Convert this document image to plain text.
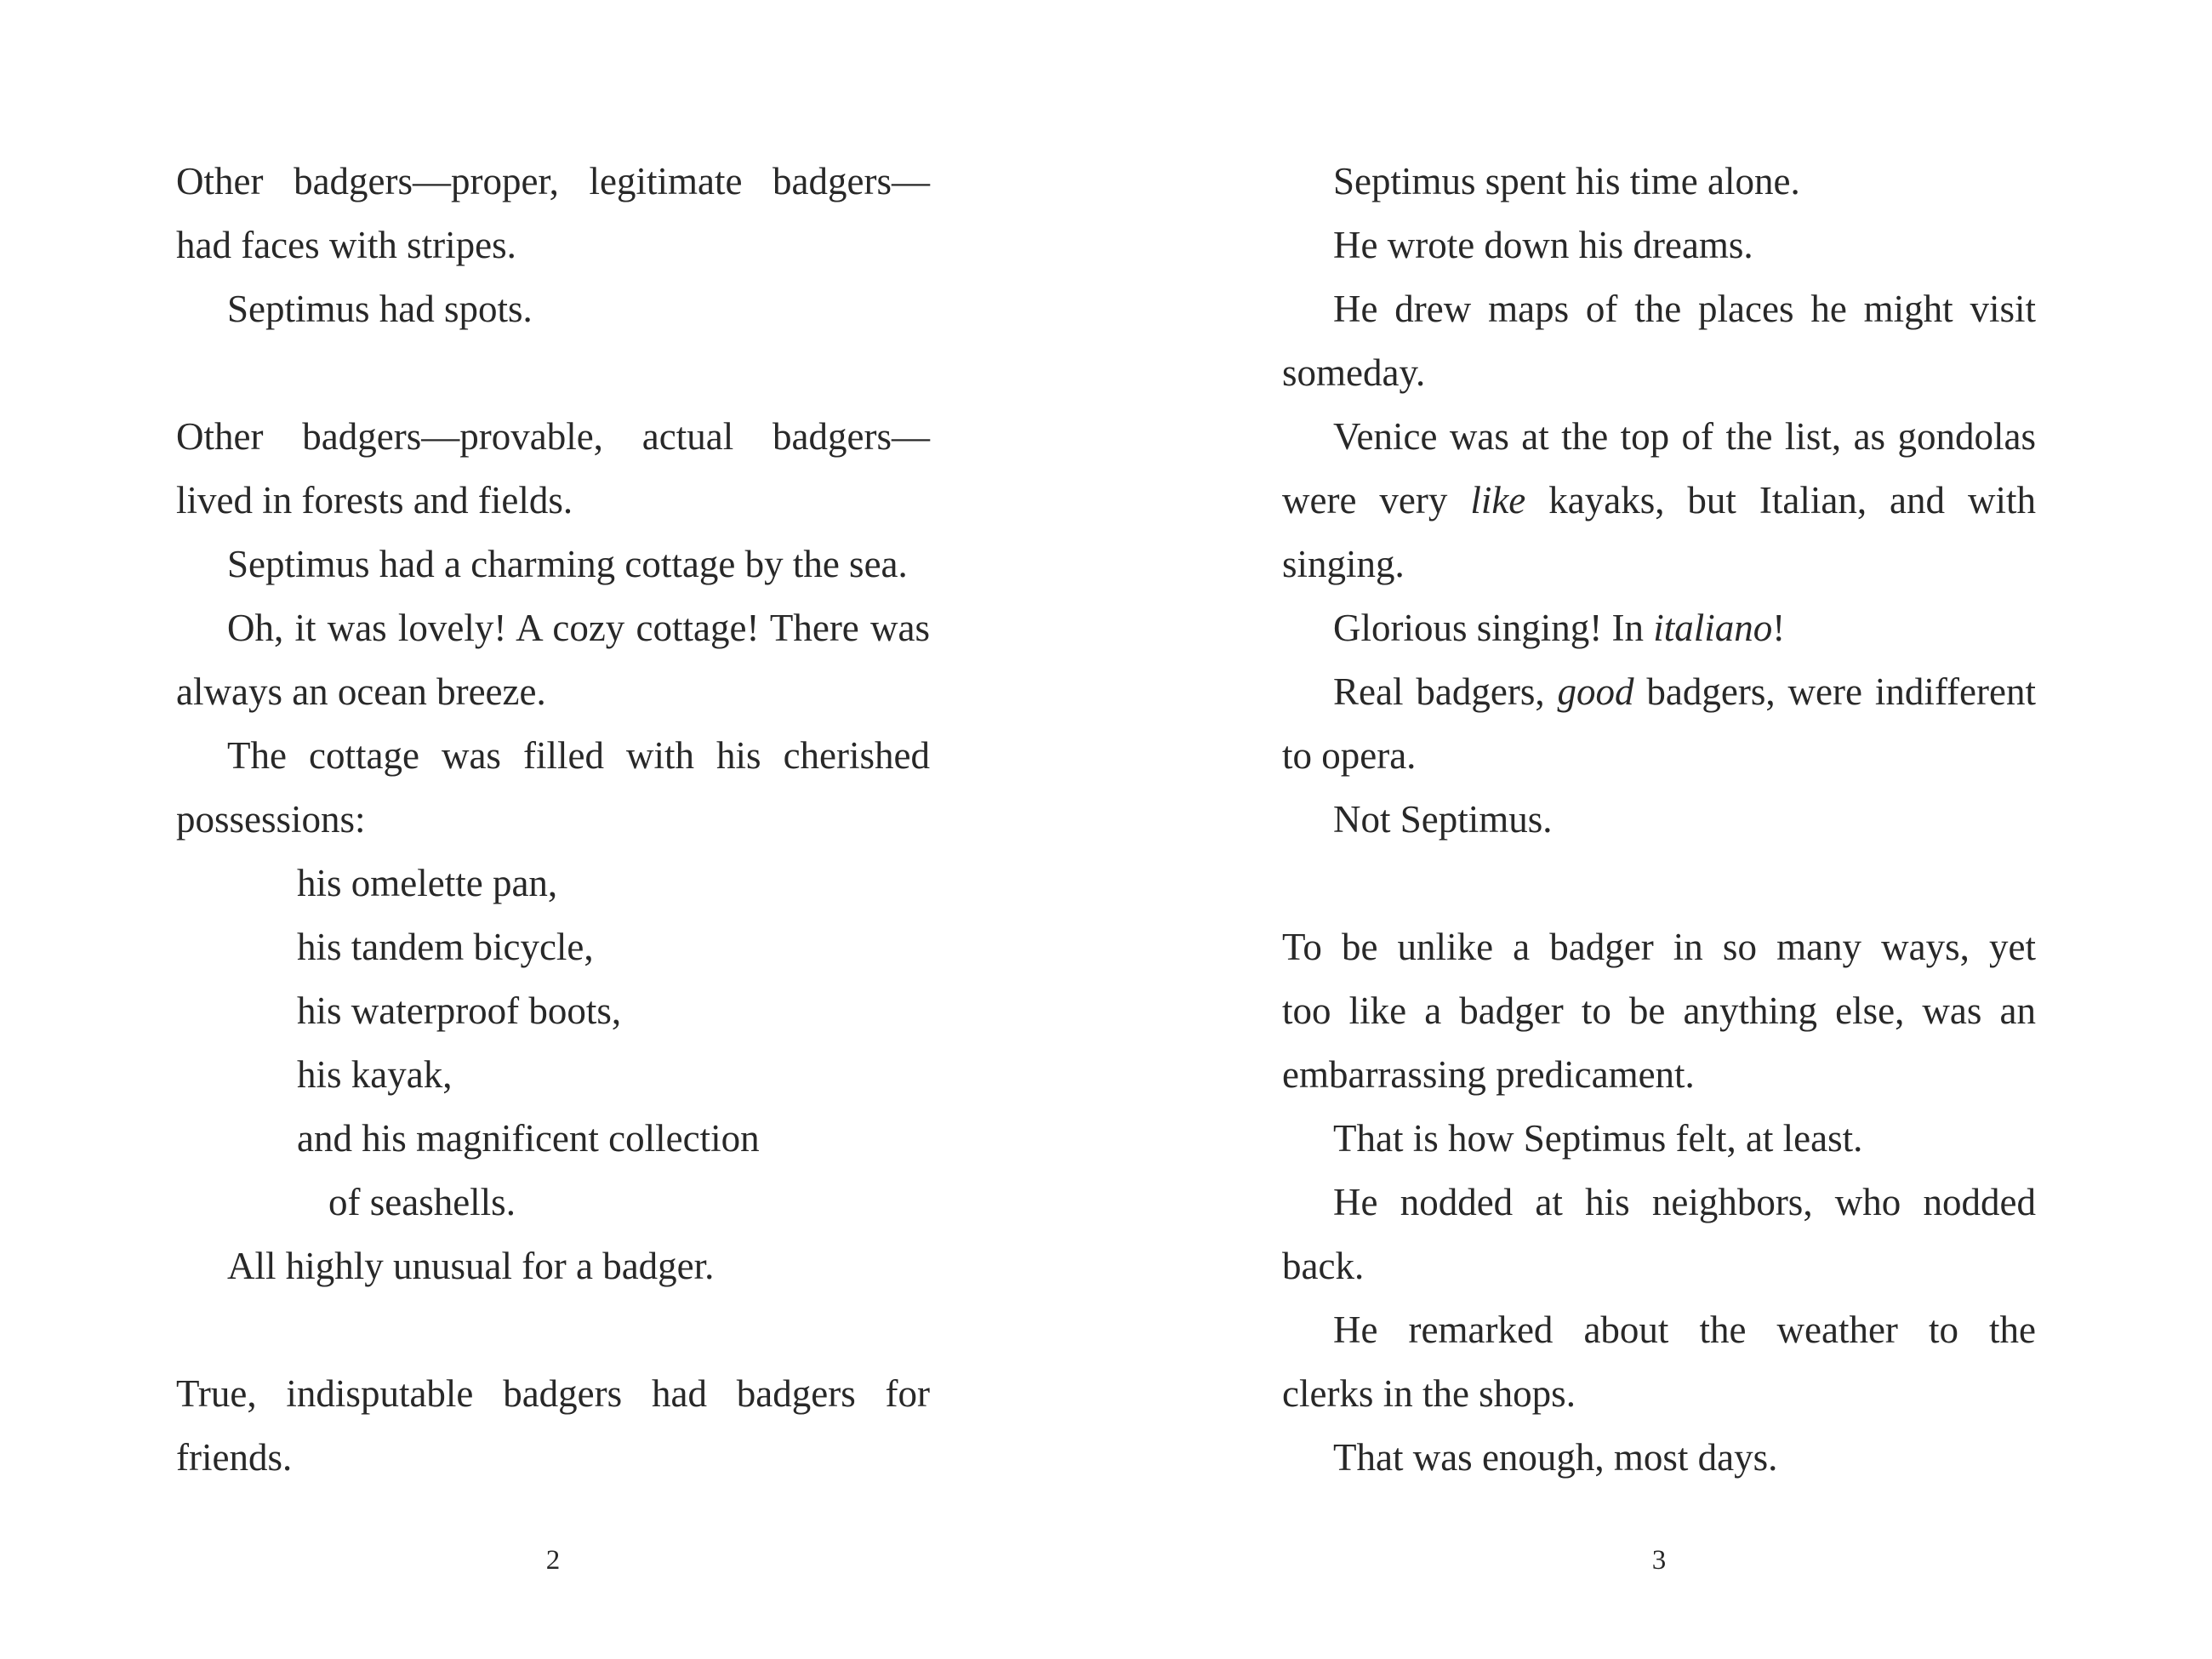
Other badgers—proper, legitimate badgers—
had faces with stripes.
Septimus had spots.
Other badgers—provable, actual badgers—
lived in forests and fields.
Septimus had a charming cottage by the sea.
Oh, it was lovely! A cozy cottage! There was
always an ocean breeze.
The cottage was filled with his cherished
possessions:
his omelette pan,
his tandem bicycle,
his waterproof boots,
his kayak,
and his magnificent collection
of seashells.
All highly unusual for a badger.
True, indisputable badgers had badgers for
friends.
2
Septimus spent his time alone.
He wrote down his dreams.
He drew maps of the places he might visit
someday.
Venice was at the top of the list, as gondolas
were very like kayaks, but Italian, and with
singing.
Glorious singing! In italiano!
Real badgers, good badgers, were indifferent
to opera.
Not Septimus.
To be unlike a badger in so many ways, yet
too like a badger to be anything else, was an
embarrassing predicament.
That is how Septimus felt, at least.
He nodded at his neighbors, who nodded
back.
He remarked about the weather to the
clerks in the shops.
That was enough, most days.
3
